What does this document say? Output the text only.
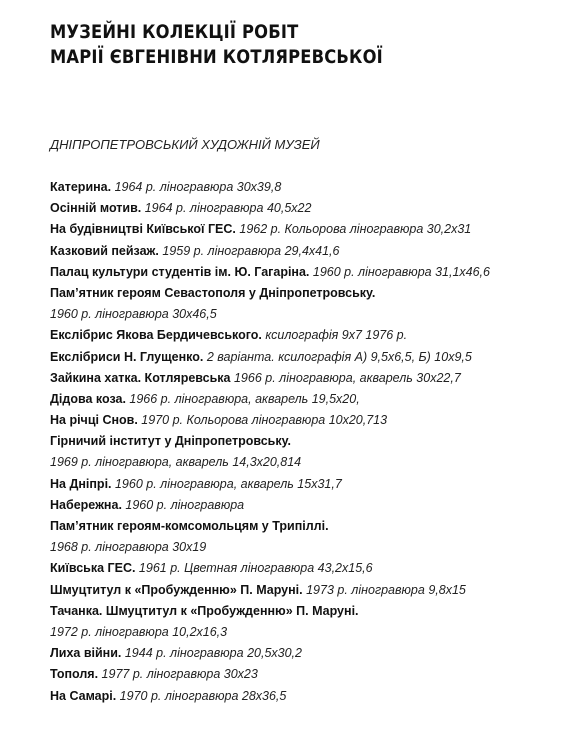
МУЗЕЙНІ КОЛЕКЦІЇ РОБІТ
МАРІЇ ЄВГЕНІВНИ КОТЛЯРЕВСЬКОЇ
ДНІПРОПЕТРОВСЬКИЙ ХУДОЖНІЙ МУЗЕЙ
Катерина. 1964 р. ліногравюра 30х39,8
Осінній мотив. 1964 р. ліногравюра 40,5х22
На будівництві Київської ГЕС. 1962 р. Кольорова ліногравюра 30,2х31
Казковий пейзаж. 1959 р. ліногравюра 29,4х41,6
Палац культури студентів ім. Ю. Гагаріна. 1960 р. ліногравюра 31,1х46,6
Пам’ятник героям Севастополя у Дніпропетровську.
1960 р. ліногравюра 30х46,5
Екслібрис Якова Бердичевського. ксилографія 9х7 1976 р.
Екслібриси Н. Глущенко. 2 варіанта. ксилографія А) 9,5х6,5, Б) 10х9,5
Зайкина хатка. Котляревська 1966 р. ліногравюра, акварель 30х22,7
Дідова коза. 1966 р. ліногравюра, акварель 19,5х20,
На річці Снов. 1970 р. Кольорова ліногравюра 10х20,713
Гірничий інститут у Дніпропетровську.
1969 р. ліногравюра, акварель 14,3х20,814
На Дніпрі. 1960 р. ліногравюра, акварель 15х31,7
Набережна. 1960 р. ліногравюра
Пам’ятник героям-комсомольцям у Трипіллі.
1968 р. ліногравюра 30х19
Київська ГЕС. 1961 р. Цветная ліногравюра 43,2х15,6
Шмуцтитул к «Пробужденню» П. Маруні. 1973 р. ліногравюра 9,8х15
Тачанка. Шмуцтитул к «Пробужденню» П. Маруні.
1972 р. ліногравюра 10,2х16,3
Лиха війни. 1944 р. ліногравюра 20,5х30,2
Тополя. 1977 р. ліногравюра 30х23
На Самарі. 1970 р. ліногравюра 28х36,5
